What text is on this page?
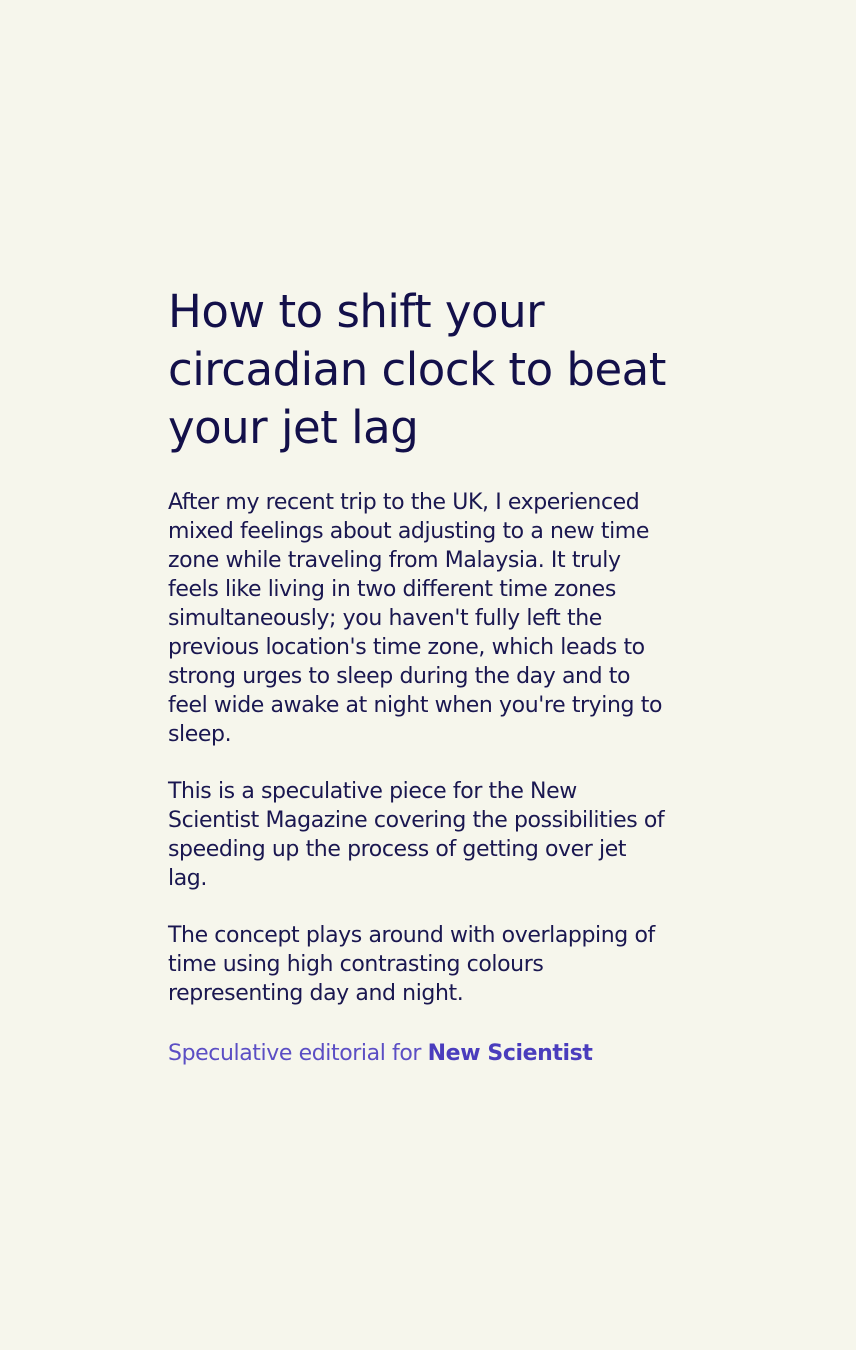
How to shift your circadian clock to beat your jet lag

After my recent trip to the UK, I experienced mixed feelings about adjusting to a new time zone while traveling from Malaysia. It truly feels like living in two different time zones simultaneously; you haven't fully left the previous location's time zone, which leads to strong urges to sleep during the day and to feel wide awake at night when you're trying to sleep.

This is a speculative piece for the New Scientist Magazine covering the possibilities of speeding up the process of getting over jet lag.

The concept plays around with overlapping of time using high contrasting colours representing day and night.

Speculative editorial for New Scientist
